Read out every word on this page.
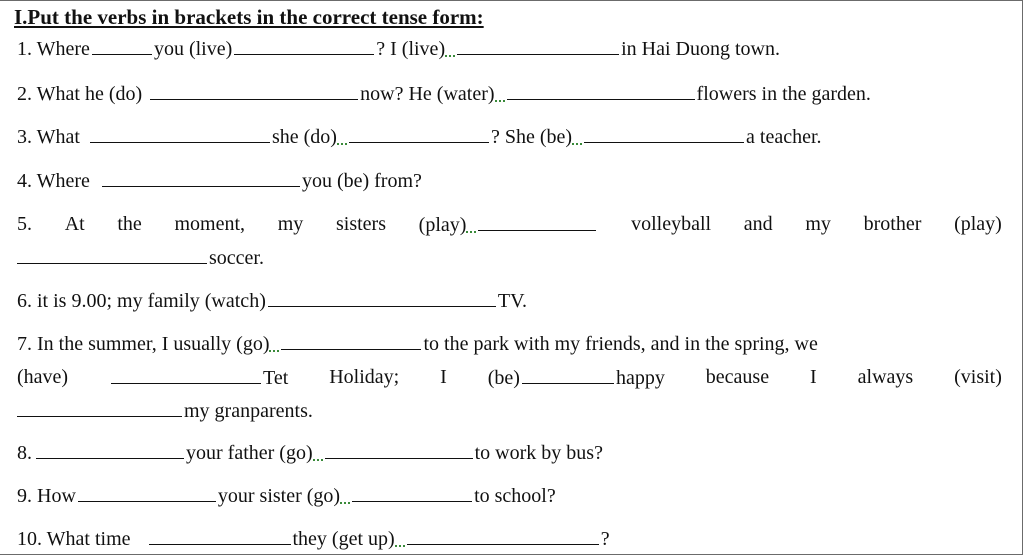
I.Put the verbs in brackets in the correct tense form:
1. Where	you (live)	? I (live)	in Hai Duong town.
2. What he (do)	now? He (water)	flowers in the garden.
3. What	she (do)	? She (be)	a teacher.
4. Where	you (be) from?
5. At the moment, my sisters (play)	volleyball and my brother (play)
soccer.
6. it is 9.00; my family (watch)	TV.
7. In the summer, I usually (go)	to the park with my friends, and in the spring, we
(have)	Tet Holiday; I (be)	happy because I always (visit)
my granparents.
8.	your father (go)	to work by bus?
9. How	your sister (go)	to school?
10. What time	they (get up)	?
